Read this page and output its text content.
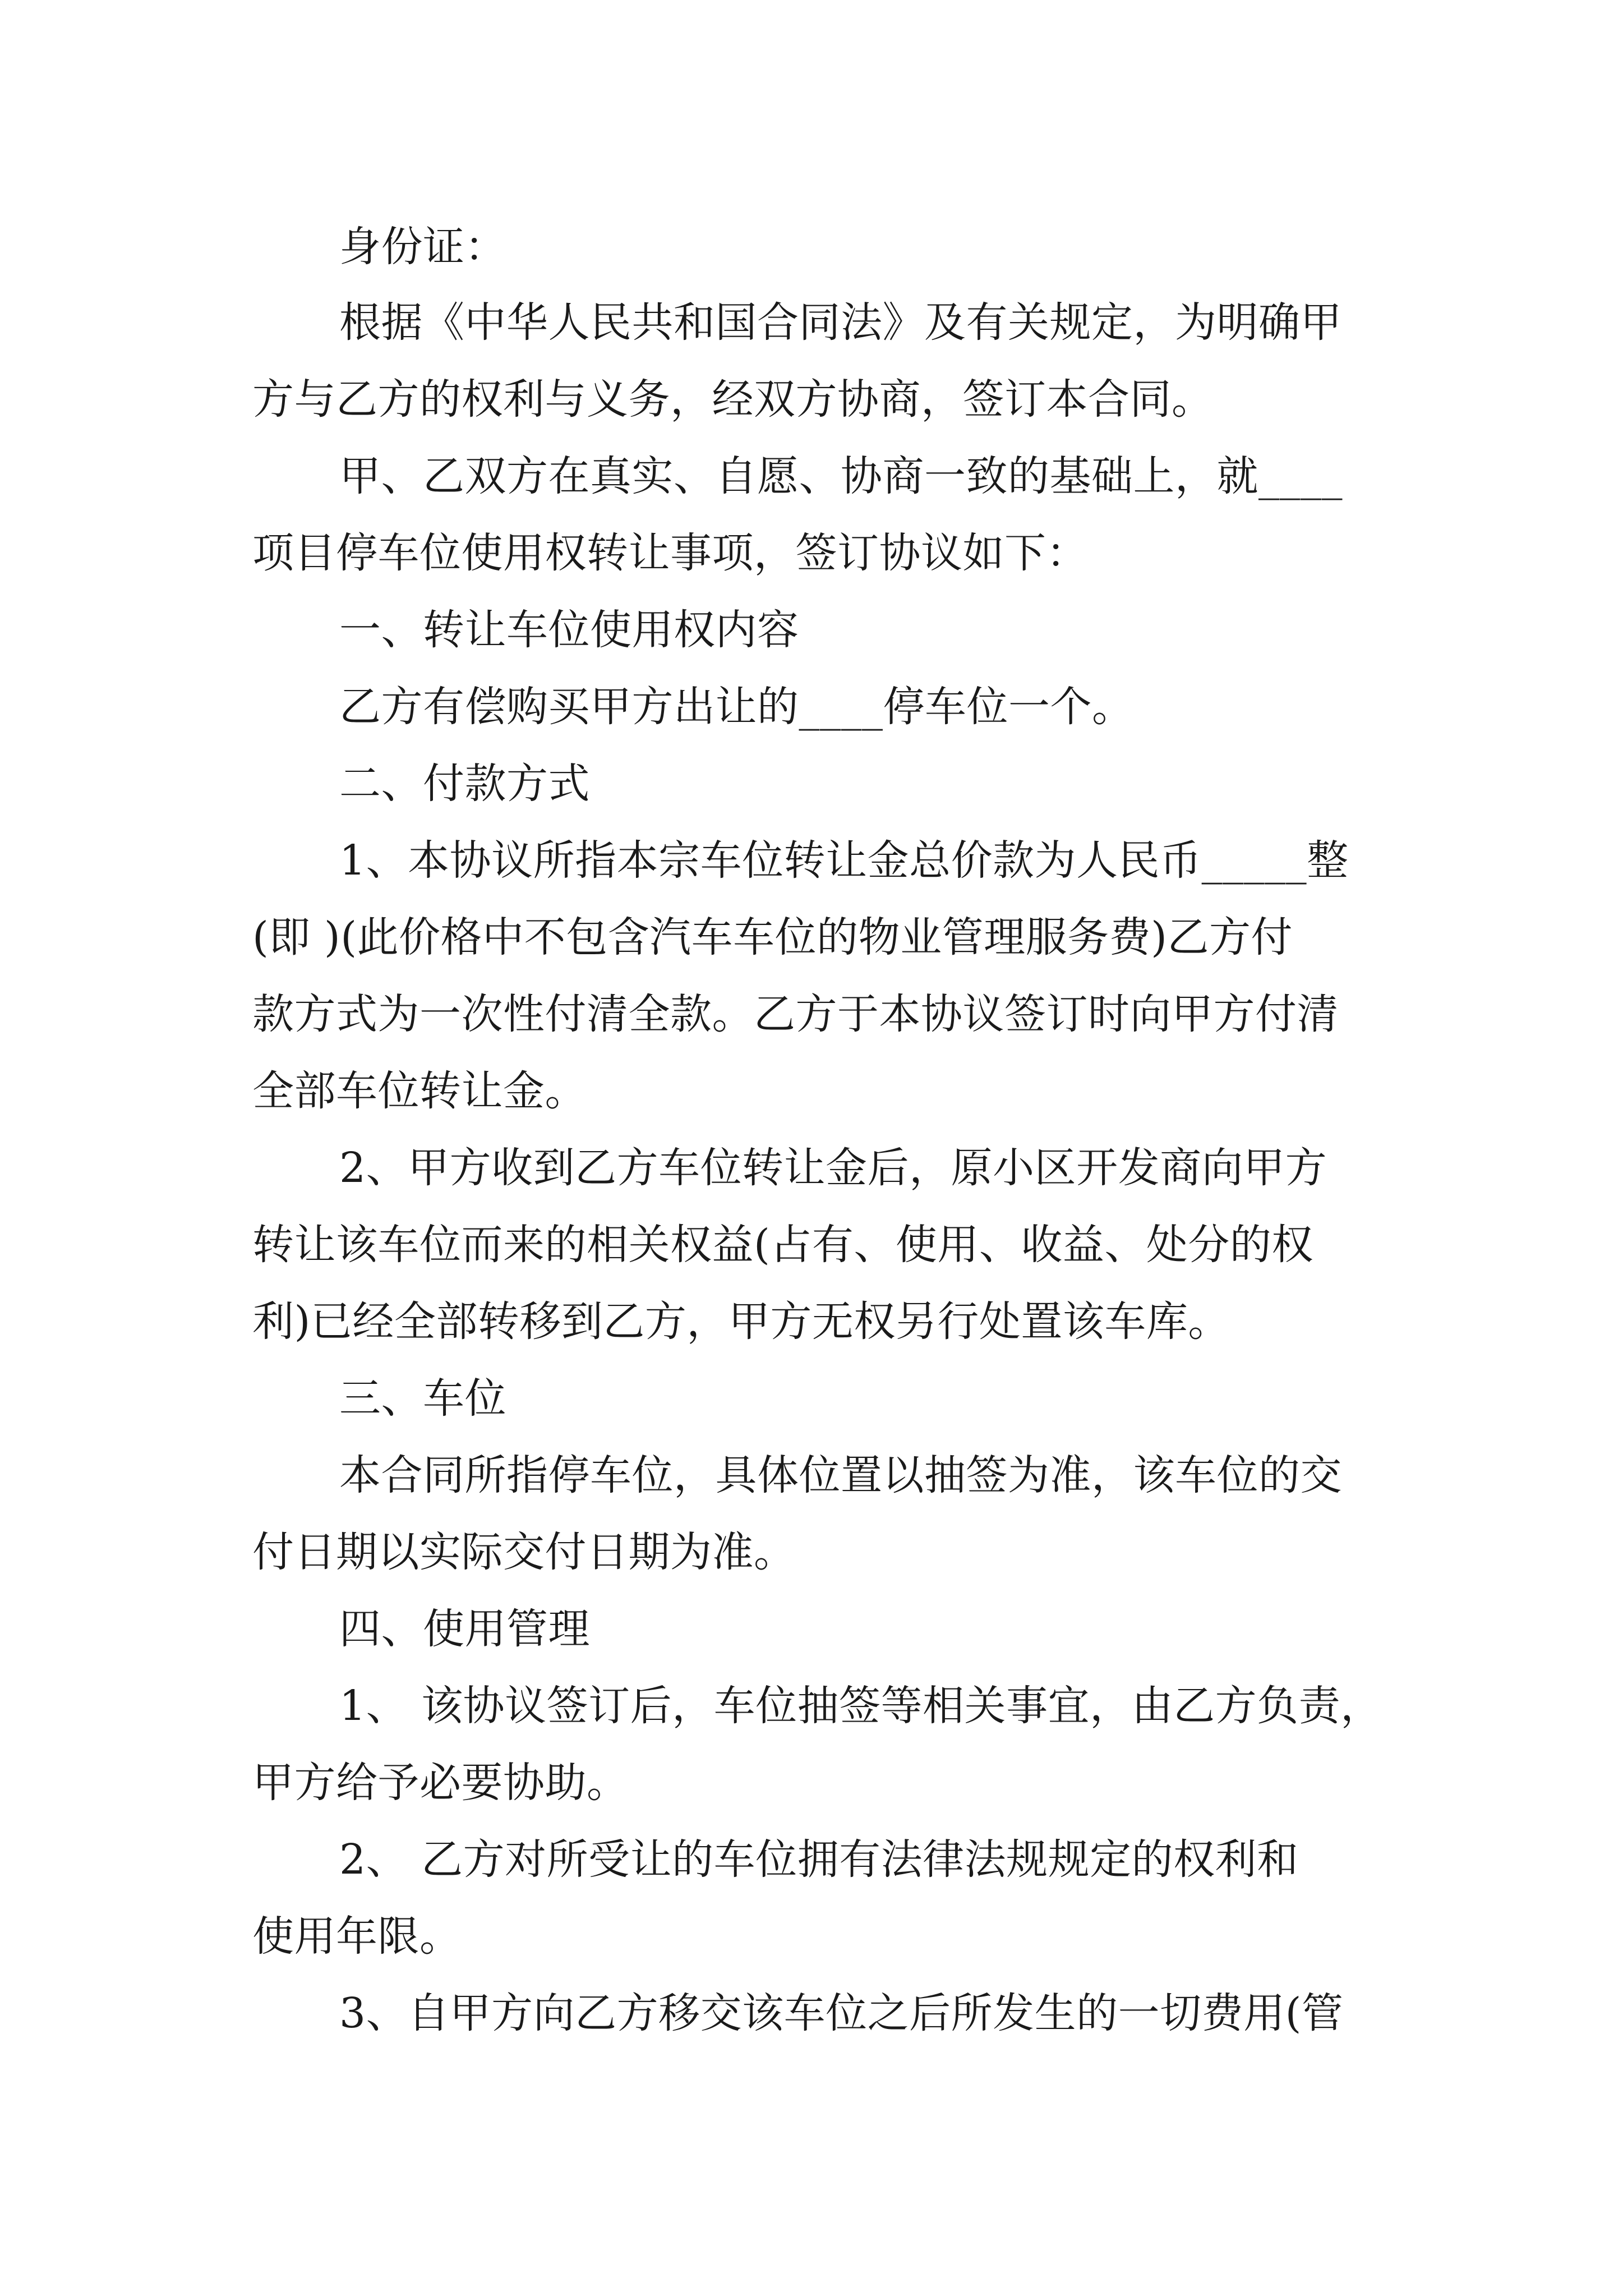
身份证：
根据《中华人民共和国合同法》及有关规定，为明确甲
方与乙方的权利与义务，经双方协商，签订本合同。
甲、乙双方在真实、自愿、协商一致的基础上，就____
项目停车位使用权转让事项，签订协议如下：
一、转让车位使用权内容
乙方有偿购买甲方出让的____停车位一个。
二、付款方式
1、本协议所指本宗车位转让金总价款为人民币_____整
(即 )(此价格中不包含汽车车位的物业管理服务费)乙方付
款方式为一次性付清全款。乙方于本协议签订时向甲方付清
全部车位转让金。
2、甲方收到乙方车位转让金后，原小区开发商向甲方
转让该车位而来的相关权益(占有、使用、收益、处分的权
利)已经全部转移到乙方，甲方无权另行处置该车库。
三、车位
本合同所指停车位，具体位置以抽签为准，该车位的交
付日期以实际交付日期为准。
四、使用管理
1、 该协议签订后，车位抽签等相关事宜，由乙方负责，
甲方给予必要协助。
2、 乙方对所受让的车位拥有法律法规规定的权利和
使用年限。
3、自甲方向乙方移交该车位之后所发生的一切费用(管
